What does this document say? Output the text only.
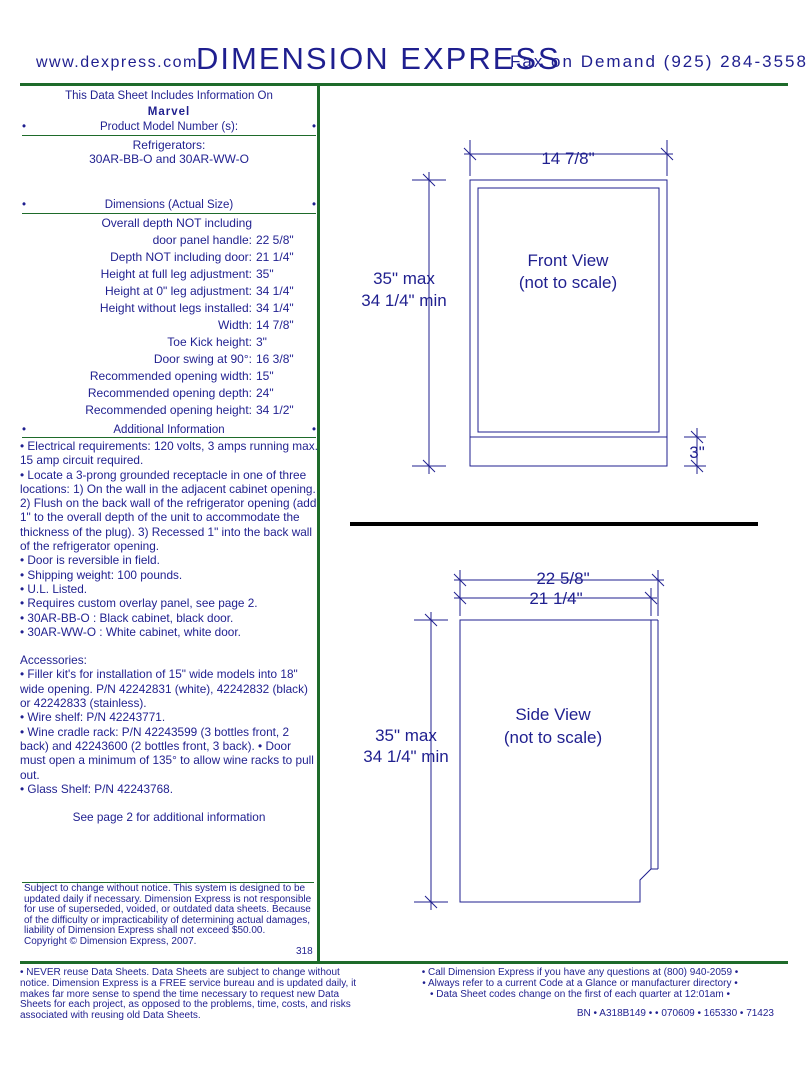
www.dexpress.com
DIMENSION EXPRESS
Fax on Demand (925) 284-3558
This Data Sheet Includes Information On
Marvel
•	Product Model Number (s):	•
Refrigerators:
30AR-BB-O and 30AR-WW-O
•	Dimensions (Actual Size)	•
Overall depth NOT including
door panel handle: 22 5/8"
Depth NOT including door: 21 1/4"
Height at full leg adjustment: 35"
Height at 0" leg adjustment: 34 1/4"
Height without legs installed: 34 1/4"
Width: 14 7/8"
Toe Kick height: 3"
Door swing at 90°: 16 3/8"
Recommended opening width: 15"
Recommended opening depth: 24"
Recommended opening height: 34 1/2"
•	Additional Information	•

• Electrical requirements: 120 volts, 3 amps running max. 15 amp circuit required.

• Locate a 3-prong grounded receptacle in one of three locations: 1) On the wall in the adjacent cabinet opening. 2) Flush on the back wall of the refrigerator opening (add 1" to the overall depth of the unit to accommodate the thickness of the plug). 3) Recessed 1" into the back wall of the refrigerator opening.

• Door is reversible in field.

• Shipping weight: 100 pounds.

• U.L. Listed.

• Requires custom overlay panel, see page 2.

• 30AR-BB-O : Black cabinet, black door.

• 30AR-WW-O : White cabinet, white door.

Accessories:

• Filler kit's for installation of 15" wide models into 18" wide opening. P/N 42242831 (white), 42242832 (black) or 42242833 (stainless).

• Wire shelf: P/N 42243771.

• Wine cradle rack: P/N 42243599 (3 bottles front, 2 back) and 42243600 (2 bottles front, 3 back). • Door must open a minimum of 135° to allow wine racks to pull out.

• Glass Shelf: P/N 42243768.

See page 2 for additional information

Subject to change without notice. This system is designed to be updated daily if necessary. Dimension Express is not responsible for use of superseded, voided, or outdated data sheets. Because of the difficulty or impracticability of determining actual damages, liability of Dimension Express shall not exceed $50.00.
Copyright © Dimension Express, 2007.
318
• NEVER reuse Data Sheets. Data Sheets are subject to change without notice. Dimension Express is a FREE service bureau and is updated daily, it makes far more sense to spend the time necessary to request new Data Sheets for each project, as opposed to the problems, time, costs, and risks associated with reusing old Data Sheets.
• Call Dimension Express if you have any questions at (800) 940-2059 •
• Always refer to a current Code at a Glance or manufacturer directory •
• Data Sheet codes change on the first of each quarter at 12:01am •
BN • A318B149 • • 070609 • 165330 • 71423
14 7/8"
Front View
(not to scale)
35" max
34 1/4" min
3"
22 5/8"
21 1/4"
Side View
(not to scale)
35" max
34 1/4" min
